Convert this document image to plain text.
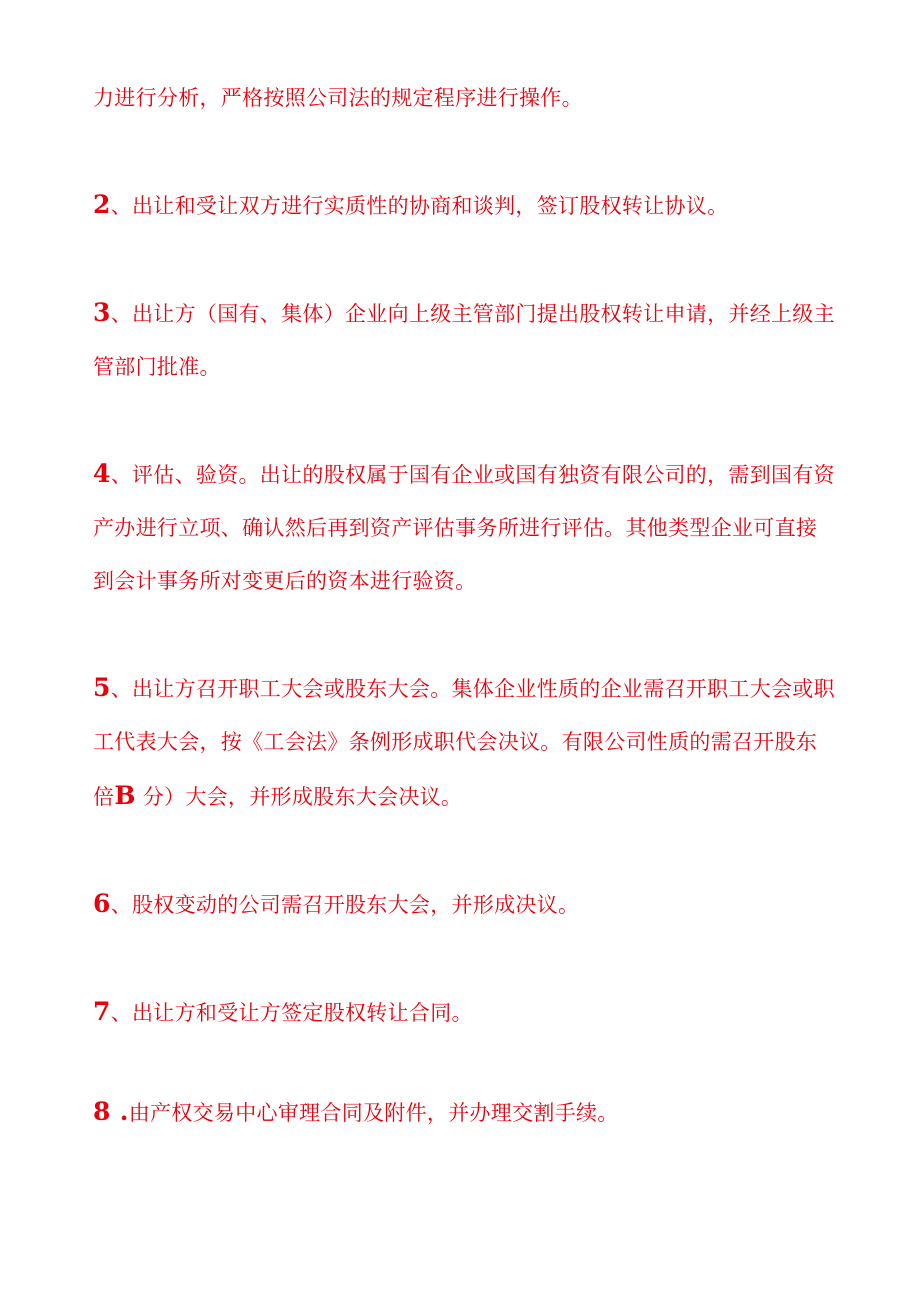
力进行分析，严格按照公司法的规定程序进行操作。

2、出让和受让双方进行实质性的协商和谈判，签订股权转让协议。

3、出让方（国有、集体）企业向上级主管部门提出股权转让申请，并经上级主管部门批准。

4、评估、验资。出让的股权属于国有企业或国有独资有限公司的，需到国有资产办进行立项、确认然后再到资产评估事务所进行评估。其他类型企业可直接到会计事务所对变更后的资本进行验资。

5、出让方召开职工大会或股东大会。集体企业性质的企业需召开职工大会或职工代表大会，按《工会法》条例形成职代会决议。有限公司性质的需召开股东倍B 分）大会，并形成股东大会决议。

6、股权变动的公司需召开股东大会，并形成决议。

7、出让方和受让方签定股权转让合同。

8 .由产权交易中心审理合同及附件，并办理交割手续。
